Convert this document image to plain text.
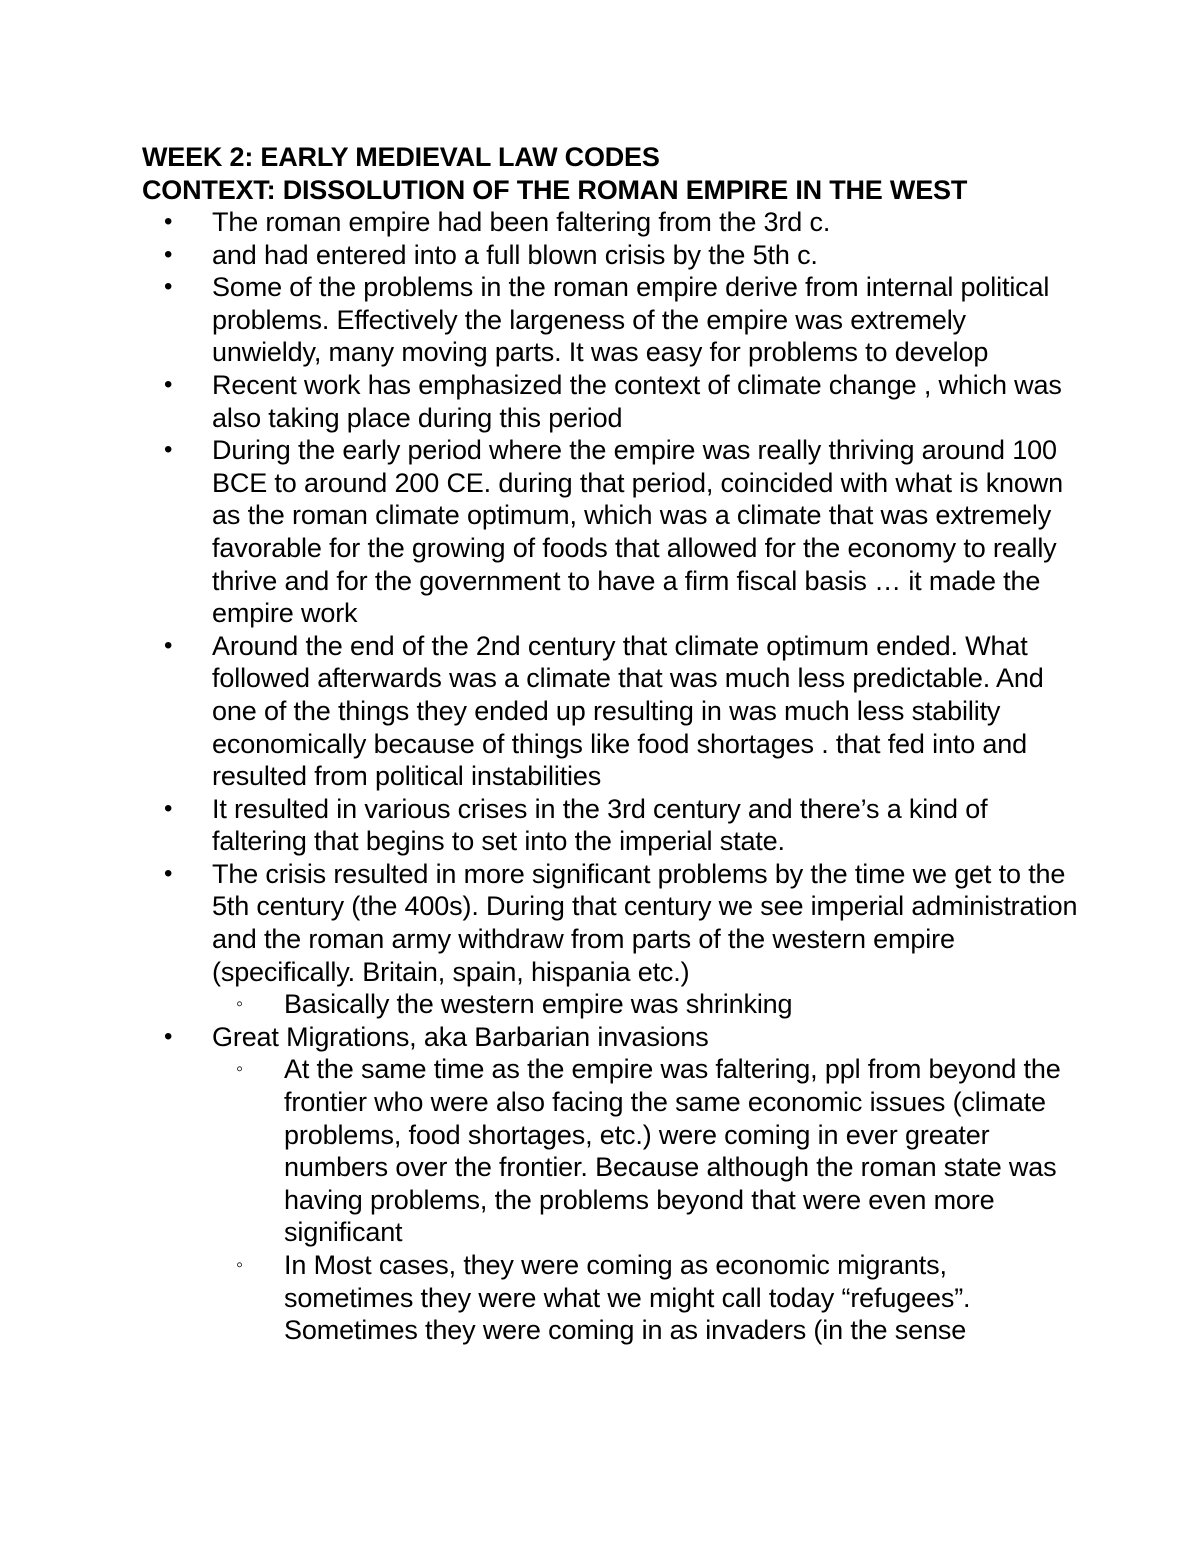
WEEK 2: EARLY MEDIEVAL LAW CODES
CONTEXT: DISSOLUTION OF THE ROMAN EMPIRE IN THE WEST
• The roman empire had been faltering from the 3rd c.
• and had entered into a full blown crisis by the 5th c.
• Some of the problems in the roman empire derive from internal political problems. Effectively the largeness of the empire was extremely unwieldy, many moving parts. It was easy for problems to develop
• Recent work has emphasized the context of climate change , which was also taking place during this period
• During the early period where the empire was really thriving around 100 BCE to around 200 CE. during that period, coincided with what is known as the roman climate optimum, which was a climate that was extremely favorable for the growing of foods that allowed for the economy to really thrive and for the government to have a firm fiscal basis … it made the empire work
• Around the end of the 2nd century that climate optimum ended. What followed afterwards was a climate that was much less predictable. And one of the things they ended up resulting in was much less stability economically because of things like food shortages . that fed into and resulted from political instabilities
• It resulted in various crises in the 3rd century and there’s a kind of faltering that begins to set into the imperial state.
• The crisis resulted in more significant problems by the time we get to the 5th century (the 400s). During that century we see imperial administration and the roman army withdraw from parts of the western empire (specifically. Britain, spain, hispania etc.)
◦ Basically the western empire was shrinking
• Great Migrations, aka Barbarian invasions
◦ At the same time as the empire was faltering, ppl from beyond the frontier who were also facing the same economic issues (climate problems, food shortages, etc.) were coming in ever greater numbers over the frontier. Because although the roman state was having problems, the problems beyond that were even more significant
◦ In Most cases, they were coming as economic migrants, sometimes they were what we might call today “refugees”. Sometimes they were coming in as invaders (in the sense
